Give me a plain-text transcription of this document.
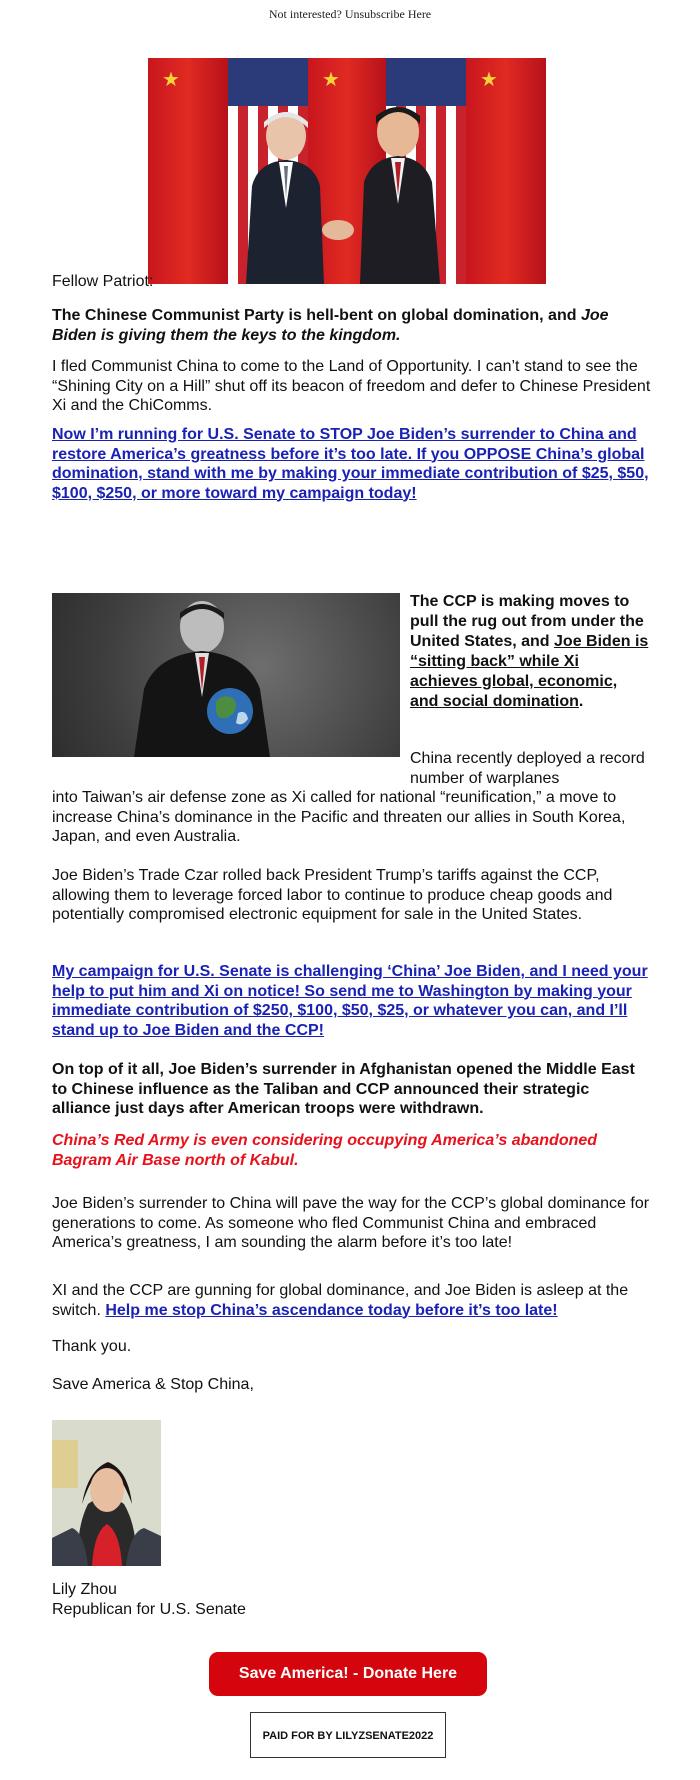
Not interested? Unsubscribe Here
★	★	★
Fellow Patriot:
The Chinese Communist Party is hell-bent on global domination, and Joe Biden is giving them the keys to the kingdom.
I fled Communist China to come to the Land of Opportunity. I can’t stand to see the “Shining City on a Hill” shut off its beacon of freedom and defer to Chinese President Xi and the ChiComms.
Now I’m running for U.S. Senate to STOP Joe Biden’s surrender to China and restore America’s greatness before it’s too late. If you OPPOSE China’s global domination, stand with me by making your immediate contribution of $25, $50, $100, $250, or more toward my campaign today!
The CCP is making moves to pull the rug out from under the United States, and Joe Biden is “sitting back” while Xi achieves global, economic, and social domination.
China recently deployed a record number of warplanes
into Taiwan’s air defense zone as Xi called for national “reunification,” a move to increase China’s dominance in the Pacific and threaten our allies in South Korea, Japan, and even Australia.
Joe Biden’s Trade Czar rolled back President Trump’s tariffs against the CCP, allowing them to leverage forced labor to continue to produce cheap goods and potentially compromised electronic equipment for sale in the United States.
My campaign for U.S. Senate is challenging ‘China’ Joe Biden, and I need your help to put him and Xi on notice! So send me to Washington by making your immediate contribution of $250, $100, $50, $25, or whatever you can, and I’ll stand up to Joe Biden and the CCP!
On top of it all, Joe Biden’s surrender in Afghanistan opened the Middle East to Chinese influence as the Taliban and CCP announced their strategic alliance just days after American troops were withdrawn.
China’s Red Army is even considering occupying America’s abandoned Bagram Air Base north of Kabul.
Joe Biden’s surrender to China will pave the way for the CCP’s global dominance for generations to come. As someone who fled Communist China and embraced America’s greatness, I am sounding the alarm before it’s too late!
XI and the CCP are gunning for global dominance, and Joe Biden is asleep at the switch. Help me stop China’s ascendance today before it’s too late!
Thank you.
Save America & Stop China,
Lily Zhou
Republican for U.S. Senate
Save America! - Donate Here
PAID FOR BY LILYZSENATE2022
